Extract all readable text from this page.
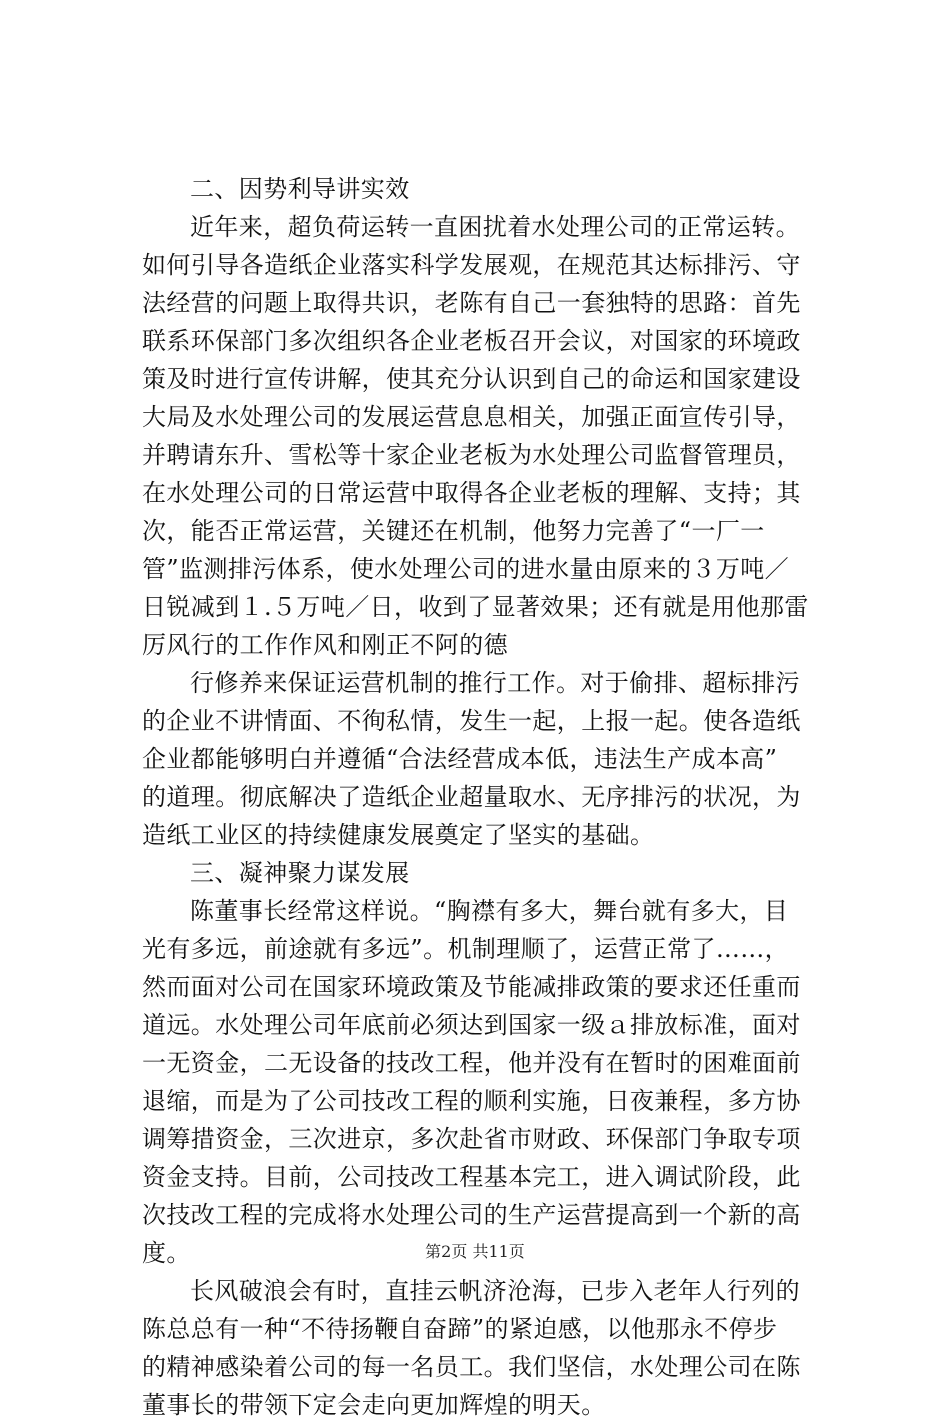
二、因势利导讲实效
近年来，超负荷运转一直困扰着水处理公司的正常运转。
如何引导各造纸企业落实科学发展观，在规范其达标排污、守
法经营的问题上取得共识，老陈有自己一套独特的思路：首先
联系环保部门多次组织各企业老板召开会议，对国家的环境政
策及时进行宣传讲解，使其充分认识到自己的命运和国家建设
大局及水处理公司的发展运营息息相关，加强正面宣传引导，
并聘请东升、雪松等十家企业老板为水处理公司监督管理员，
在水处理公司的日常运营中取得各企业老板的理解、支持；其
次，能否正常运营，关键还在机制，他努力完善了“一厂一
管”监测排污体系，使水处理公司的进水量由原来的３万吨／
日锐减到１.５万吨／日，收到了显著效果；还有就是用他那雷
厉风行的工作作风和刚正不阿的德
行修养来保证运营机制的推行工作。对于偷排、超标排污
的企业不讲情面、不徇私情，发生一起，上报一起。使各造纸
企业都能够明白并遵循“合法经营成本低，违法生产成本高”
的道理。彻底解决了造纸企业超量取水、无序排污的状况，为
造纸工业区的持续健康发展奠定了坚实的基础。
三、凝神聚力谋发展
陈董事长经常这样说。“胸襟有多大，舞台就有多大，目
光有多远，前途就有多远”。机制理顺了，运营正常了……，
然而面对公司在国家环境政策及节能减排政策的要求还任重而
道远。水处理公司年底前必须达到国家一级ａ排放标准，面对
一无资金，二无设备的技改工程，他并没有在暂时的困难面前
退缩，而是为了公司技改工程的顺利实施，日夜兼程，多方协
调筹措资金，三次进京，多次赴省市财政、环保部门争取专项
资金支持。目前，公司技改工程基本完工，进入调试阶段，此
次技改工程的完成将水处理公司的生产运营提高到一个新的高
度。
长风破浪会有时，直挂云帆济沧海，已步入老年人行列的
陈总总有一种“不待扬鞭自奋蹄”的紧迫感，以他那永不停步
的精神感染着公司的每一名员工。我们坚信，水处理公司在陈
董事长的带领下定会走向更加辉煌的明天。
第2页 共11页
